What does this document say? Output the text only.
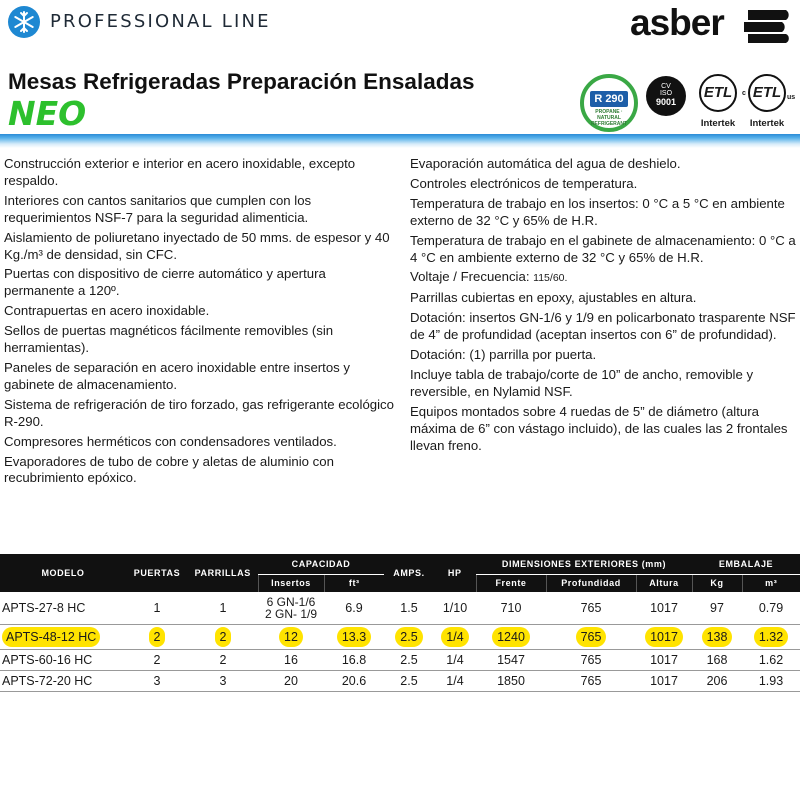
PROFESSIONAL LINE	asber
Mesas Refrigeradas Preparación Ensaladas
NEO	R 290
PROPANE · NATURAL REFRIGERANT
CV
ISO
9001
ETL
Intertek
c ETL us
Intertek

Construcción exterior e interior en acero inoxidable, excepto respaldo.

Interiores con cantos sanitarios que cumplen con los requerimientos NSF-7 para la seguridad alimenticia.

Aislamiento de poliuretano inyectado de 50 mms. de espesor y 40 Kg./m³ de densidad, sin CFC.

Puertas con dispositivo de cierre automático y apertura permanente a 120º.

Contrapuertas en acero inoxidable.

Sellos de puertas magnéticos fácilmente removibles (sin herramientas).

Paneles de separación en acero inoxidable entre insertos y gabinete de almacenamiento.

Sistema de refrigeración de tiro forzado, gas refrigerante ecológico R-290.

Compresores herméticos con condensadores ventilados.

Evaporadores de tubo de cobre y aletas de aluminio con recubrimiento epóxico.

Evaporación automática del agua de deshielo.

Controles electrónicos de temperatura.

Temperatura de trabajo en los insertos: 0 °C a 5 °C en ambiente externo de 32 °C y 65% de H.R.

Temperatura de trabajo en el gabinete de almacenamiento: 0 °C a 4 °C en ambiente externo de 32 °C y 65% de H.R.

Voltaje / Frecuencia: 115/60.

Parrillas cubiertas en epoxy, ajustables en altura.

Dotación: insertos GN-1/6 y 1/9 en policarbonato trasparente NSF de 4” de profundidad (aceptan insertos con 6” de profundidad).

Dotación: (1) parrilla por puerta.

Incluye tabla de trabajo/corte de 10” de ancho, removible y reversible, en Nylamid NSF.

Equipos montados sobre 4 ruedas de 5” de diámetro (altura máxima de 6” con vástago incluido), de las cuales las 2 frontales llevan freno.

MODELO	PUERTAS	PARRILLAS	CAPACIDAD		AMPS.	HP	DIMENSIONES EXTERIORES (mm)			EMBALAJE	
			Insertos	ft³			Frente	Profundidad	Altura	Kg	m³
APTS-27-8 HC	1	1	6 GN-1/6
2 GN- 1/9	6.9	1.5	1/10	710	765	1017	97	0.79
APTS-48-12 HC	2	2	12	13.3	2.5	1/4	1240	765	1017	138	1.32
APTS-60-16 HC	2	2	16	16.8	2.5	1/4	1547	765	1017	168	1.62
APTS-72-20 HC	3	3	20	20.6	2.5	1/4	1850	765	1017	206	1.93
